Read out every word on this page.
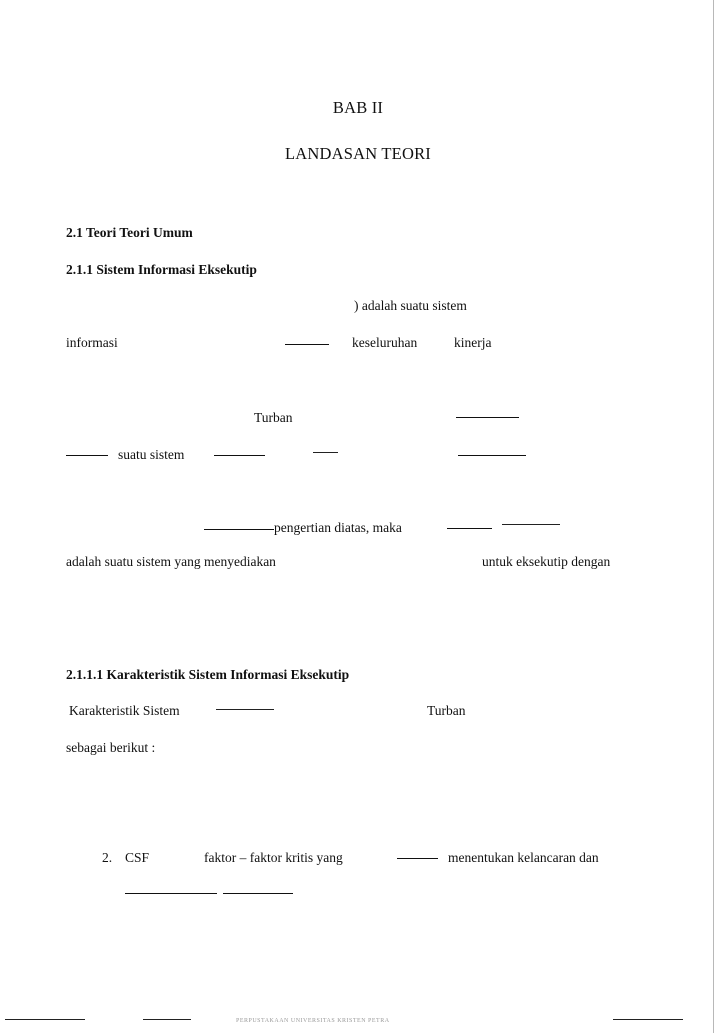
BAB II
LANDASAN TEORI
2.1 Teori Teori Umum
2.1.1 Sistem Informasi Eksekutip
) adalah suatu sistem
informasi	keseluruhan	kinerja
Turban
suatu sistem
pengertian diatas, maka
adalah suatu sistem yang menyediakan	untuk eksekutip dengan
2.1.1.1 Karakteristik Sistem Informasi Eksekutip
Karakteristik Sistem	Turban
sebagai berikut :
2. CSF	faktor – faktor kritis yang	menentukan kelancaran dan
PERPUSTAKAAN UNIVERSITAS KRISTEN PETRA
